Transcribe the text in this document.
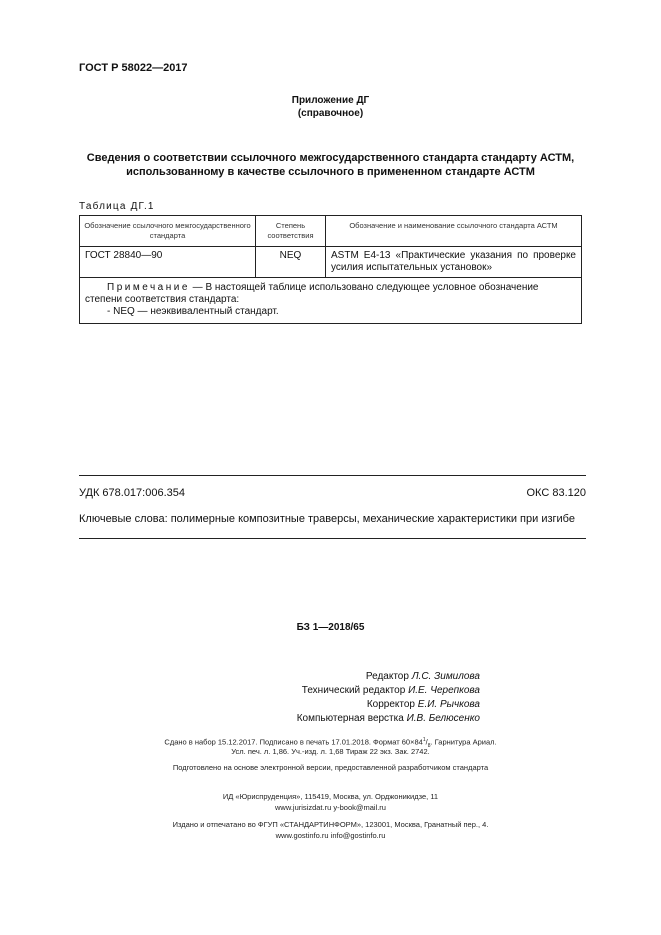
ГОСТ Р 58022—2017
Приложение ДГ
(справочное)
Сведения о соответствии ссылочного межгосударственного стандарта стандарту АСТМ,
использованному в качестве ссылочного в примененном стандарте АСТМ
Таблица ДГ.1
Обозначение ссылочного межгосударственного стандарта	Степень соответствия	Обозначение и наименование ссылочного стандарта АСТМ
ГОСТ 28840—90	NEQ	ASTM E4-13 «Практические указания по проверке усилия испытательных установок»
Примечание — В настоящей таблице использовано следующее условное обозначение степени соответствия стандарта:
- NEQ — неэквивалентный стандарт.		
УДК 678.017:006.354	ОКС 83.120
Ключевые слова: полимерные композитные траверсы, механические характеристики при изгибе
БЗ 1—2018/65
Редактор Л.С. Зимилова
Технический редактор И.Е. Черепкова
Корректор Е.И. Рычкова
Компьютерная верстка И.В. Белюсенко
Сдано в набор 15.12.2017. Подписано в печать 17.01.2018. Формат $60\times 84^1/_8$. Гарнитура Ариал.
Усл. печ. л. 1,86. Уч.-изд. л. 1,68 Тираж 22 экз. Зак. 2742.
Подготовлено на основе электронной версии, предоставленной разработчиком стандарта
ИД «Юриспруденция», 115419, Москва, ул. Орджоникидзе, 11
www.jurisizdat.ru y-book@mail.ru
Издано и отпечатано во ФГУП «СТАНДАРТИНФОРМ», 123001, Москва, Гранатный пер., 4.
www.gostinfo.ru info@gostinfo.ru
